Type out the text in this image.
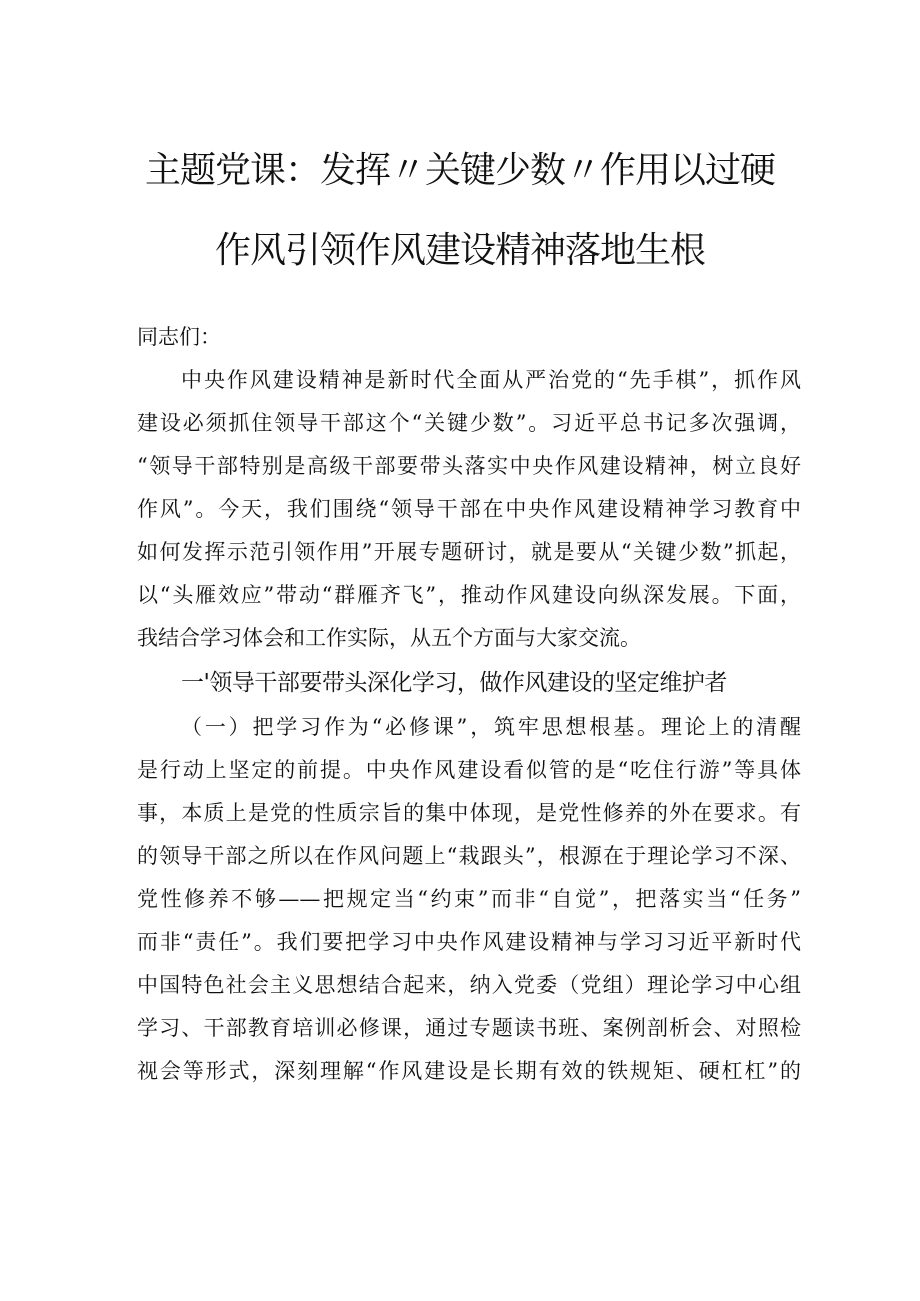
主题党课：发挥〃关键少数〃作用以过硬
作风引领作风建设精神落地生根
同志们：
中央作风建设精神是新时代全面从严治党的“先手棋”，抓作风
建设必须抓住领导干部这个“关键少数”。习近平总书记多次强调，
“领导干部特别是高级干部要带头落实中央作风建设精神，树立良好
作风”。今天，我们围绕“领导干部在中央作风建设精神学习教育中
如何发挥示范引领作用”开展专题研讨，就是要从“关键少数”抓起，
以“头雁效应”带动“群雁齐飞”，推动作风建设向纵深发展。下面，
我结合学习体会和工作实际，从五个方面与大家交流。
一'领导干部要带头深化学习，做作风建设的坚定维护者
（一）把学习作为“必修课”，筑牢思想根基。理论上的清醒
是行动上坚定的前提。中央作风建设看似管的是“吃住行游”等具体
事，本质上是党的性质宗旨的集中体现，是党性修养的外在要求。有
的领导干部之所以在作风问题上“栽跟头”，根源在于理论学习不深、
党性修养不够——把规定当“约束”而非“自觉”，把落实当“任务”
而非“责任”。我们要把学习中央作风建设精神与学习习近平新时代
中国特色社会主义思想结合起来，纳入党委（党组）理论学习中心组
学习、干部教育培训必修课，通过专题读书班、案例剖析会、对照检
视会等形式，深刻理解“作风建设是长期有效的铁规矩、硬杠杠”的
